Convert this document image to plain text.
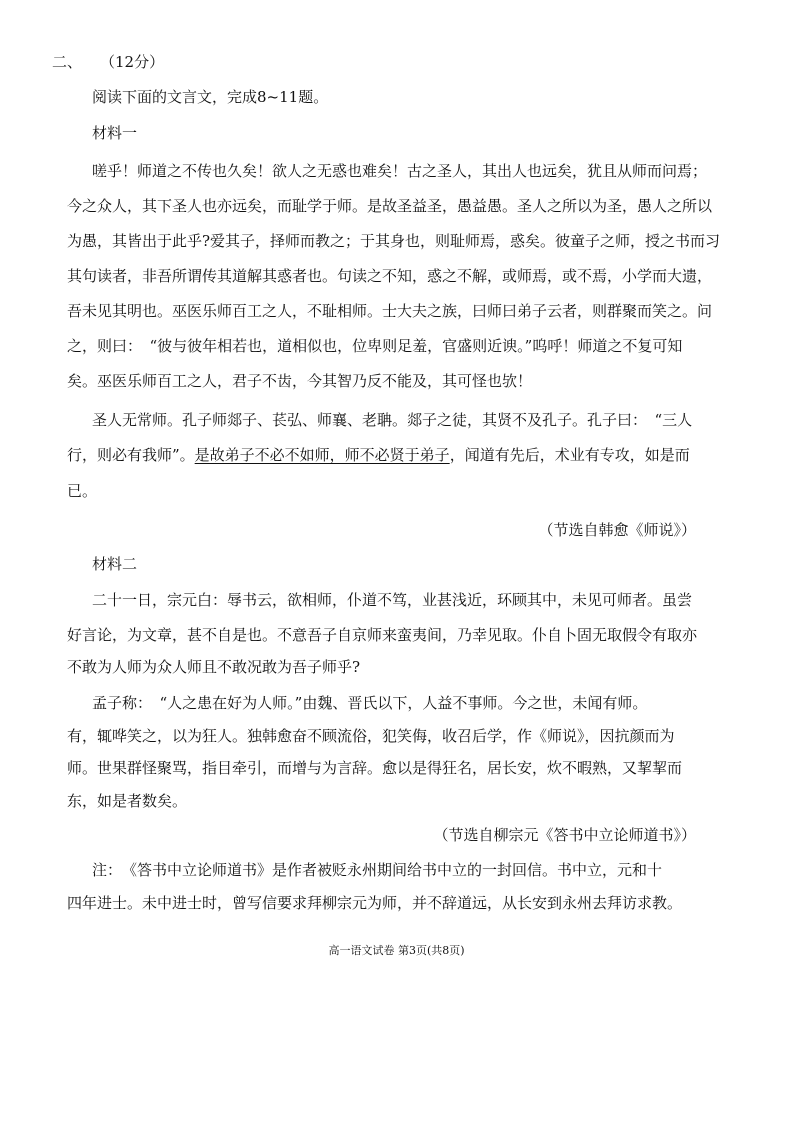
二、 （12分）
阅读下面的文言文，完成8~11题。
材料一
嗟乎！师道之不传也久矣！欲人之无惑也难矣！古之圣人，其出人也远矣，犹且从师而问焉；
今之众人，其下圣人也亦远矣，而耻学于师。是故圣益圣，愚益愚。圣人之所以为圣，愚人之所以
为愚，其皆出于此乎?爱其子，择师而教之；于其身也，则耻师焉，惑矣。彼童子之师，授之书而习
其句读者，非吾所谓传其道解其惑者也。句读之不知，惑之不解，或师焉，或不焉，小学而大遗，
吾未见其明也。巫医乐师百工之人，不耻相师。士大夫之族，曰师曰弟子云者，则群聚而笑之。问
之，则曰：　“彼与彼年相若也，道相似也，位卑则足羞，官盛则近谀。”呜呼！师道之不复可知
矣。巫医乐师百工之人，君子不齿，今其智乃反不能及，其可怪也欤！
圣人无常师。孔子师郯子、苌弘、师襄、老聃。郯子之徒，其贤不及孔子。孔子曰：　“三人
行，则必有我师”。是故弟子不必不如师，师不必贤于弟子，闻道有先后，术业有专攻，如是而
已。
（节选自韩愈《师说》）
材料二
二十一日，宗元白：辱书云，欲相师，仆道不笃，业甚浅近，环顾其中，未见可师者。虽尝
好言论，为文章，甚不自是也。不意吾子自京师来蛮夷间，乃幸见取。仆自卜固无取假令有取亦
不敢为人师为众人师且不敢况敢为吾子师乎?
孟子称：　“人之患在好为人师。”由魏、晋氏以下，人益不事师。今之世，未闻有师。
有，辄哗笑之，以为狂人。独韩愈奋不顾流俗，犯笑侮，收召后学，作《师说》，因抗颜而为
师。世果群怪聚骂，指目牵引，而增与为言辞。愈以是得狂名，居长安，炊不暇熟，又挈挈而
东，如是者数矣。
（节选自柳宗元《答书中立论师道书》）
注：　《答书中立论师道书》是作者被贬永州期间给书中立的一封回信。书中立，元和十
四年进士。未中进士时，曾写信要求拜柳宗元为师，并不辞道远，从长安到永州去拜访求教。
高一语文试卷 第3页(共8页)
